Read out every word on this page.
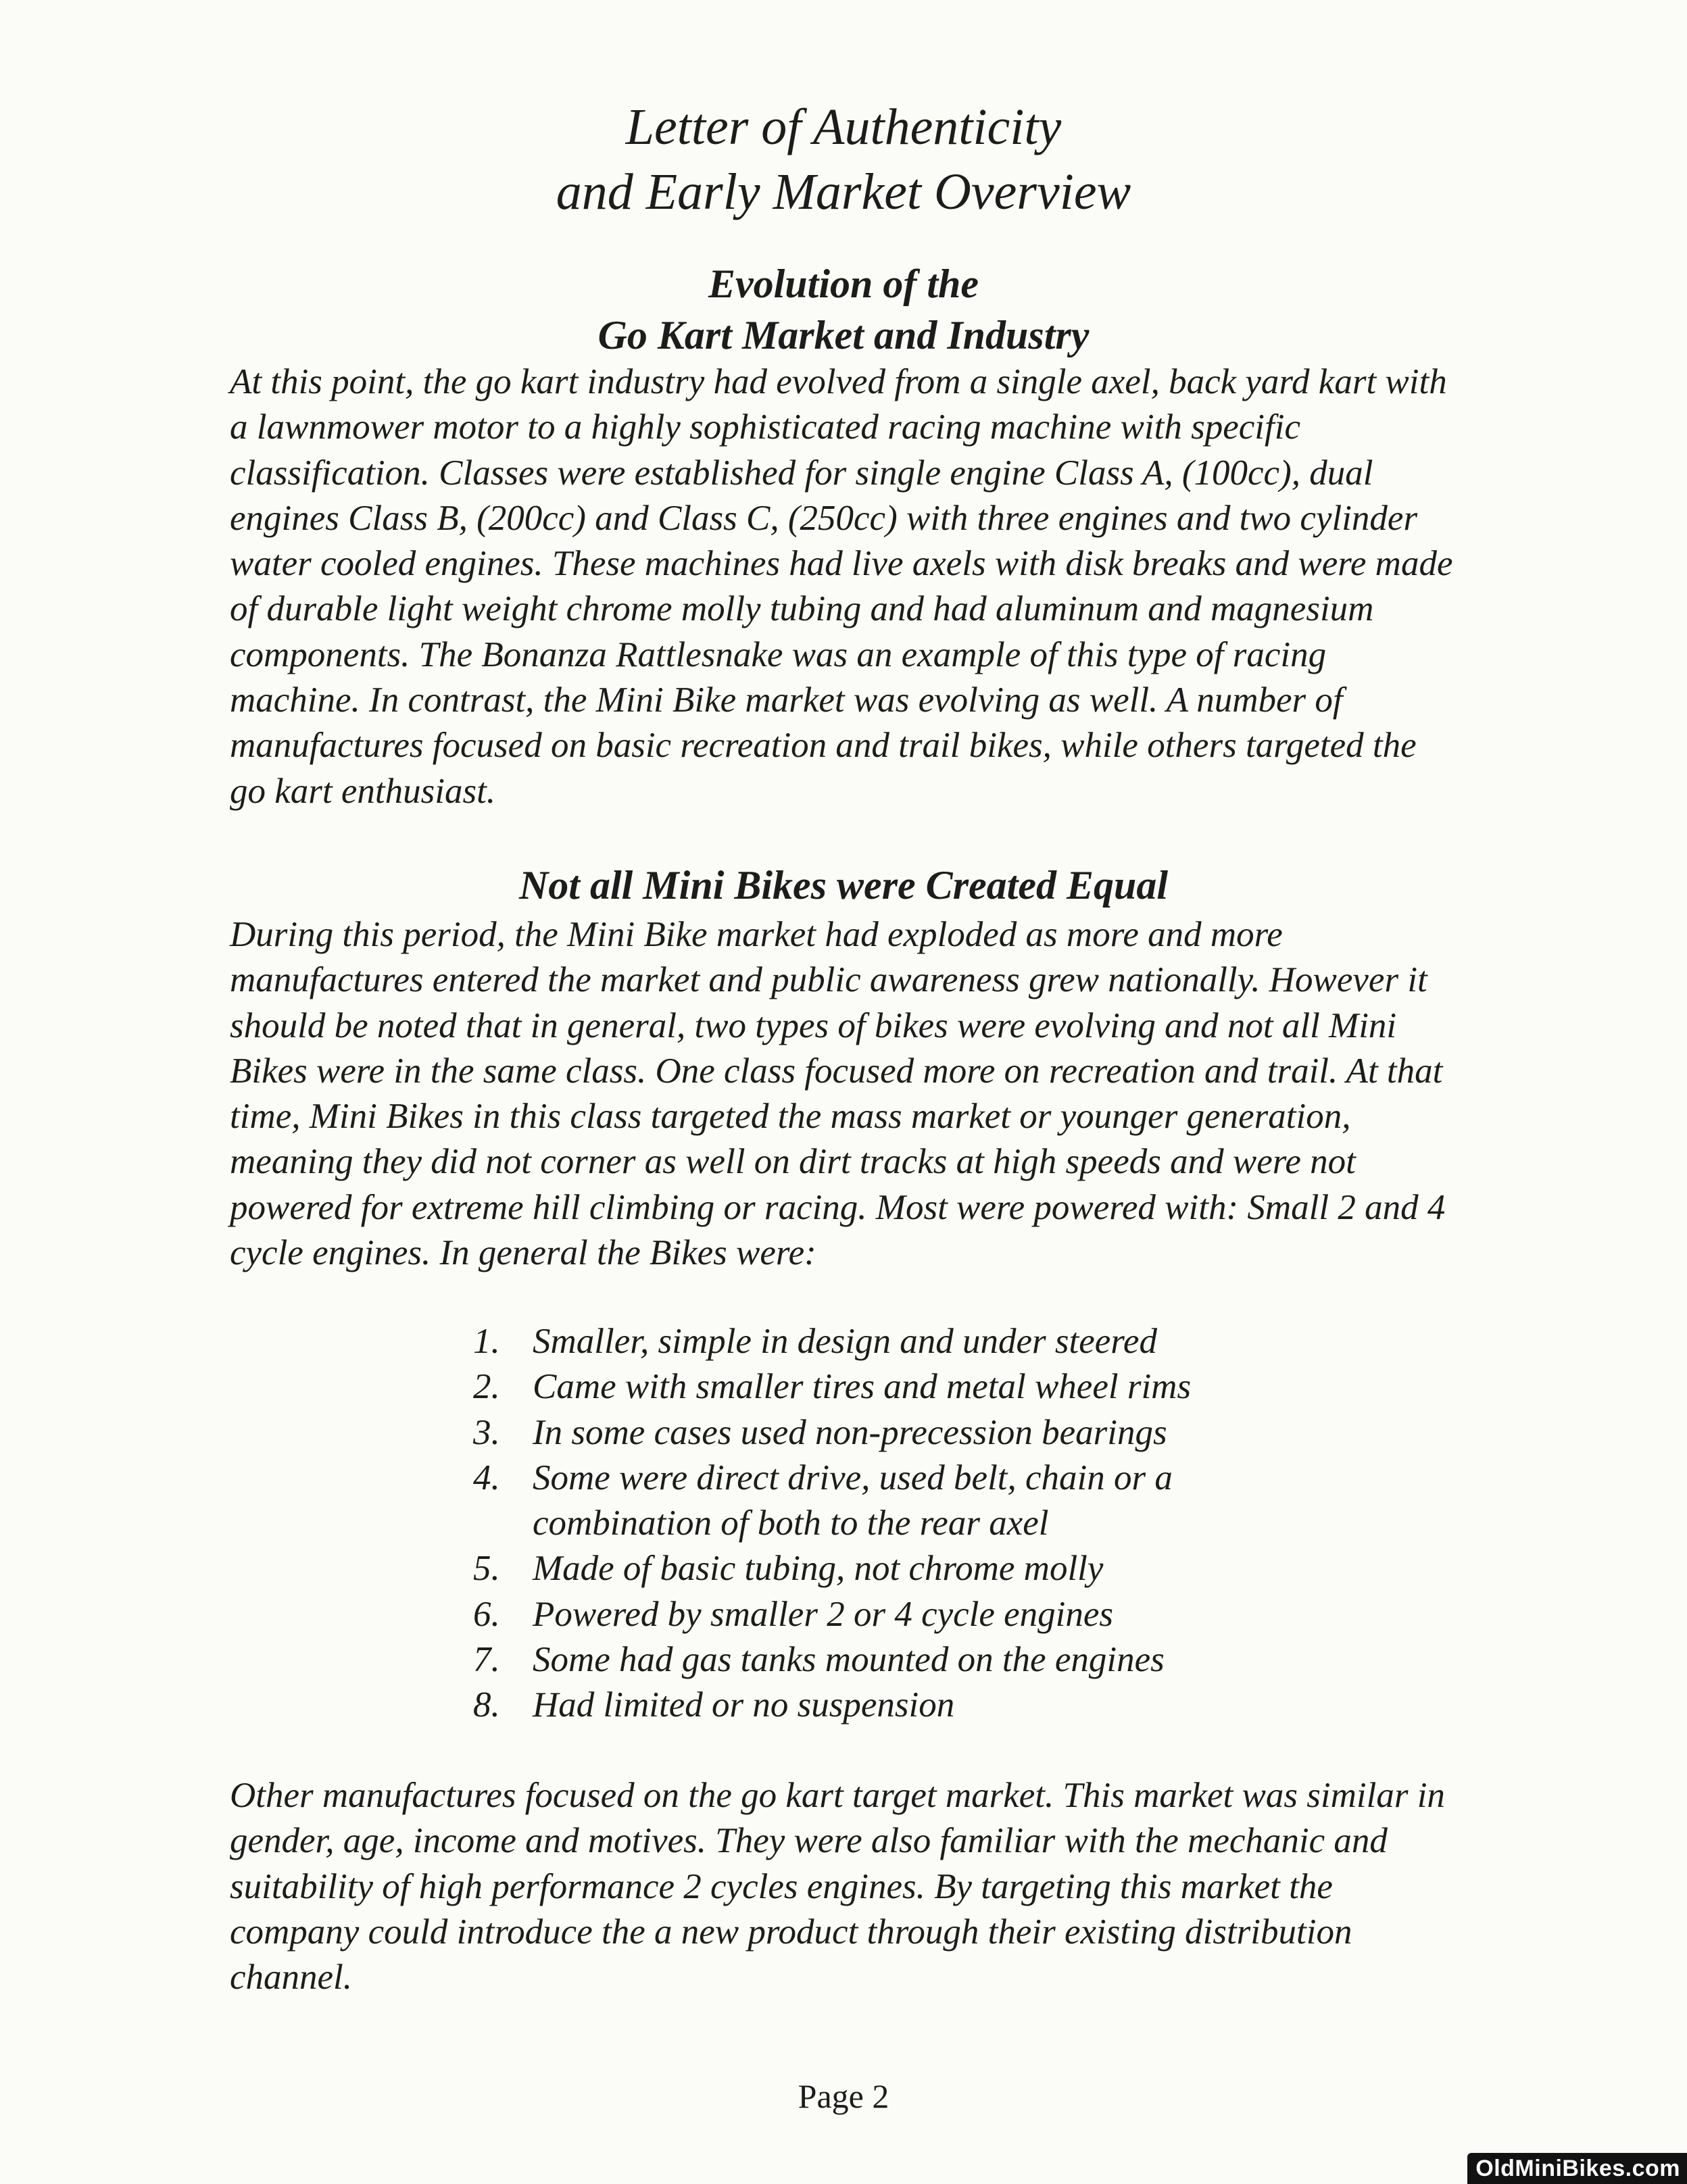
Letter of Authenticity
and Early Market Overview
Evolution of the
Go Kart Market and Industry

At this point, the go kart industry had evolved from a single axel, back yard kart with a lawnmower motor to a highly sophisticated racing machine with specific classification. Classes were established for single engine Class A, (100cc), dual engines Class B, (200cc) and Class C, (250cc) with three engines and two cylinder water cooled engines. These machines had live axels with disk breaks and were made of durable light weight chrome molly tubing and had aluminum and magnesium components. The Bonanza Rattlesnake was an example of this type of racing machine. In contrast, the Mini Bike market was evolving as well. A number of manufactures focused on basic recreation and trail bikes, while others targeted the go kart enthusiast.

Not all Mini Bikes were Created Equal

During this period, the Mini Bike market had exploded as more and more manufactures entered the market and public awareness grew nationally. However it should be noted that in general, two types of bikes were evolving and not all Mini Bikes were in the same class. One class focused more on recreation and trail. At that time, Mini Bikes in this class targeted the mass market or younger generation, meaning they did not corner as well on dirt tracks at high speeds and were not powered for extreme hill climbing or racing. Most were powered with: Small 2 and 4 cycle engines. In general the Bikes were:

1. Smaller, simple in design and under steered
2. Came with smaller tires and metal wheel rims
3. In some cases used non-precession bearings
4. Some were direct drive, used belt, chain or a combination of both to the rear axel
5. Made of basic tubing, not chrome molly
6. Powered by smaller 2 or 4 cycle engines
7. Some had gas tanks mounted on the engines
8. Had limited or no suspension

Other manufactures focused on the go kart target market. This market was similar in gender, age, income and motives. They were also familiar with the mechanic and suitability of high performance 2 cycles engines. By targeting this market the company could introduce the a new product through their existing distribution channel.

Page 2
OldMiniBikes.com
